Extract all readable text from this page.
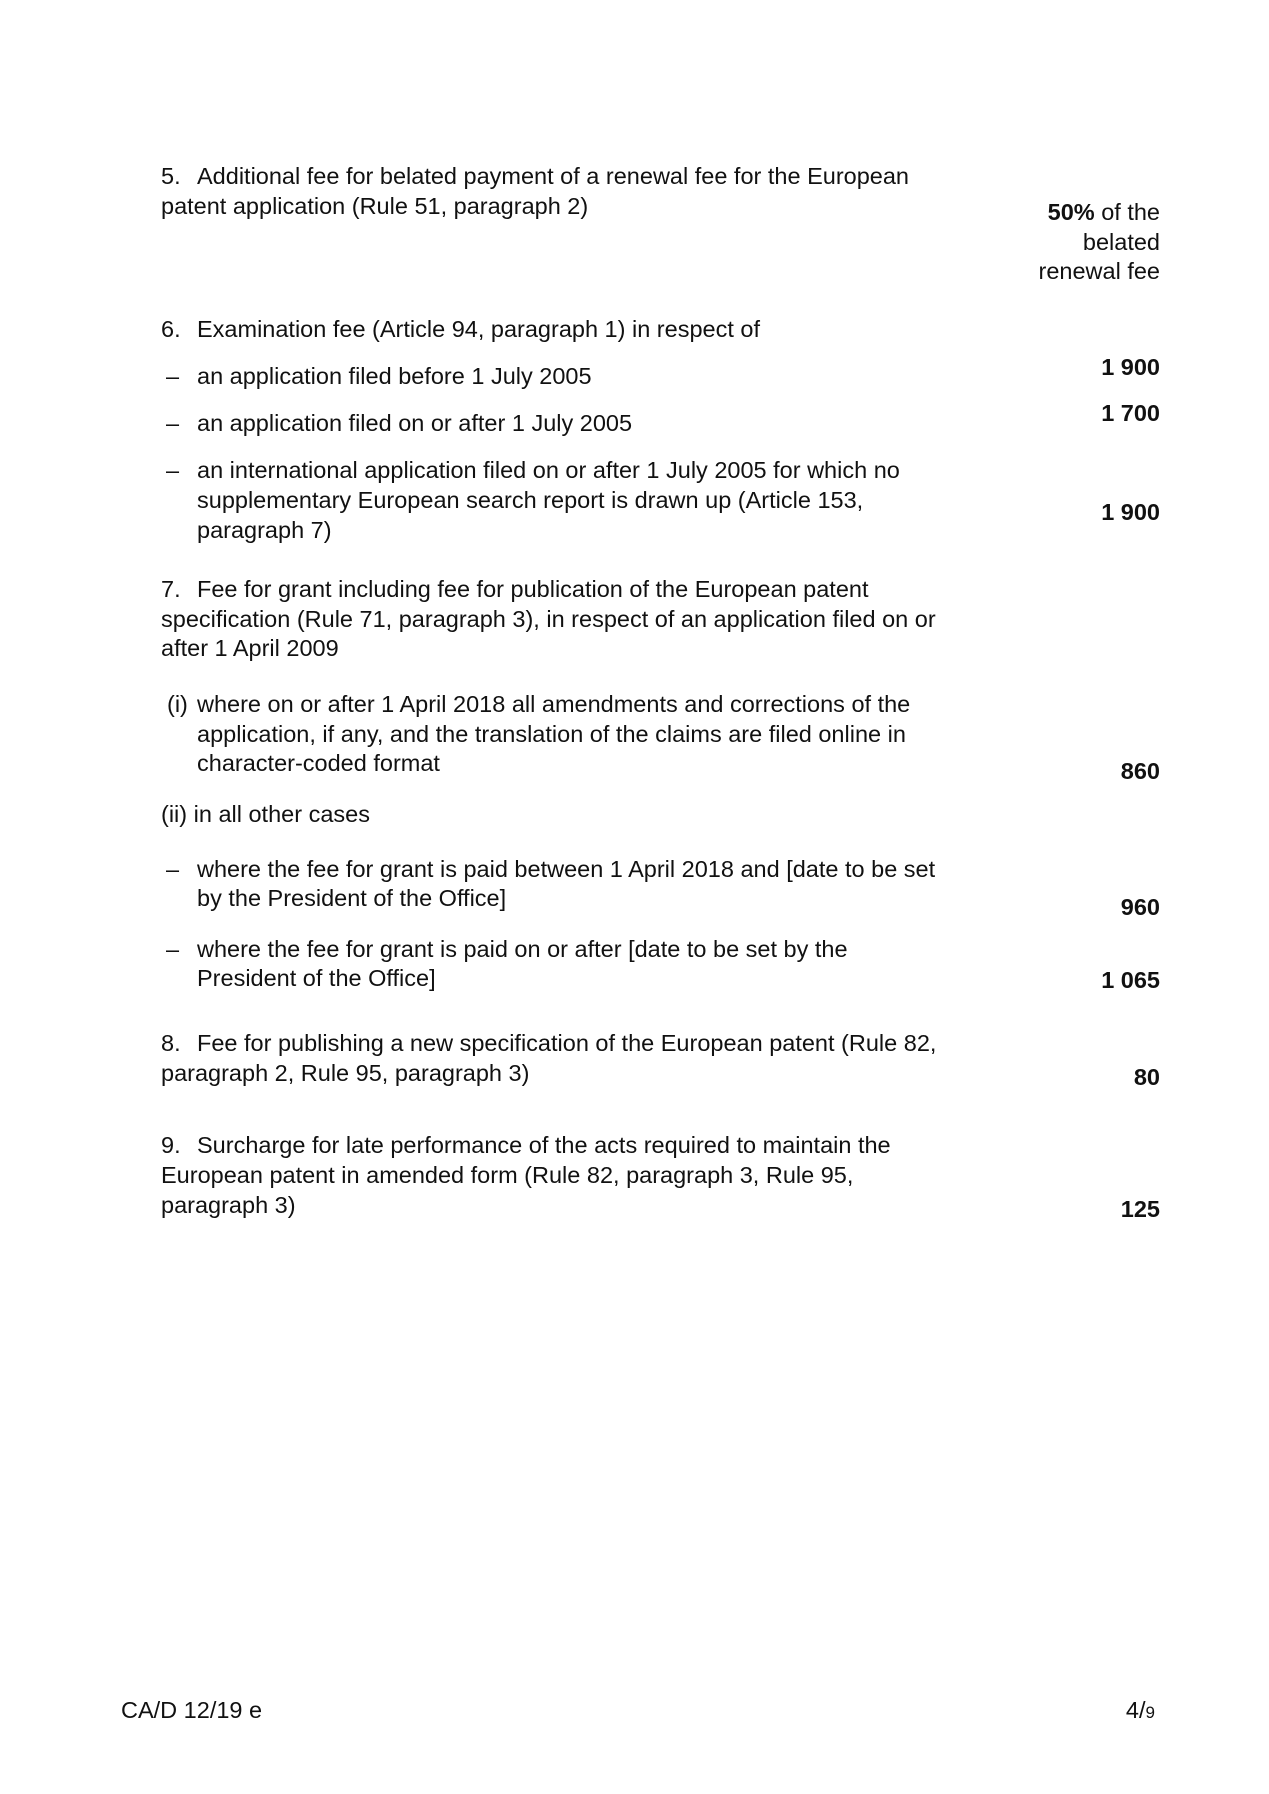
5. Additional fee for belated payment of a renewal fee for the European
patent application (Rule 51, paragraph 2)	50% of the
belated
renewal fee
6. Examination fee (Article 94, paragraph 1) in respect of
– an application filed before 1 July 2005	1 900
– an application filed on or after 1 July 2005	1 700
– an international application filed on or after 1 July 2005 for which no
supplementary European search report is drawn up (Article 153,
paragraph 7)
1 900
7. Fee for grant including fee for publication of the European patent
specification (Rule 71, paragraph 3), in respect of an application filed on or
after 1 April 2009
(i) where on or after 1 April 2018 all amendments and corrections of the
application, if any, and the translation of the claims are filed online in
character-coded format	860
(ii) in all other cases
– where the fee for grant is paid between 1 April 2018 and [date to be set
by the President of the Office]	960
– where the fee for grant is paid on or after [date to be set by the
President of the Office]	1 065
8. Fee for publishing a new specification of the European patent (Rule 82,
paragraph 2, Rule 95, paragraph 3)	80
9. Surcharge for late performance of the acts required to maintain the
European patent in amended form (Rule 82, paragraph 3, Rule 95,
paragraph 3)	125
CA/D 12/19 e	4/9
